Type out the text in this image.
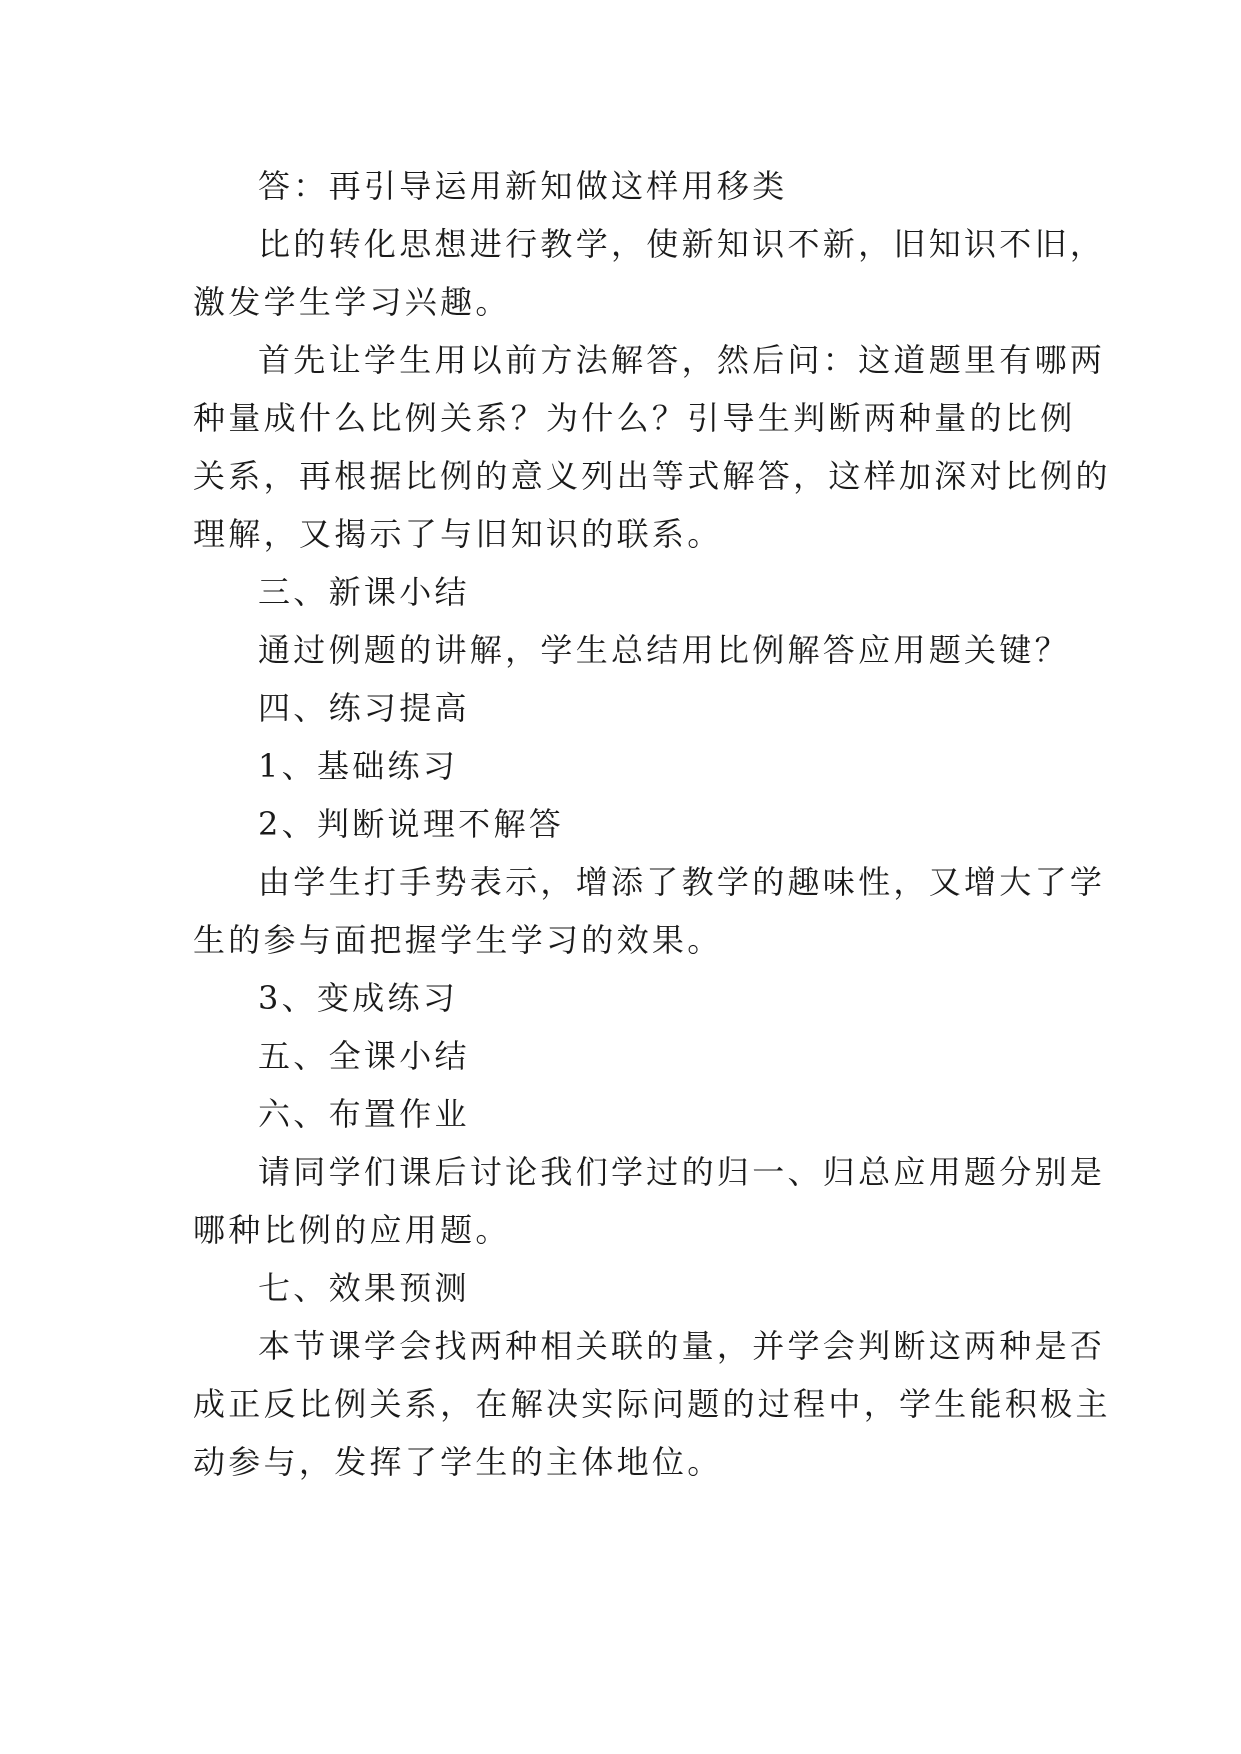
答：再引导运用新知做这样用移类
比的转化思想进行教学，使新知识不新，旧知识不旧，
激发学生学习兴趣。
首先让学生用以前方法解答，然后问：这道题里有哪两
种量成什么比例关系？为什么？引导生判断两种量的比例
关系，再根据比例的意义列出等式解答，这样加深对比例的
理解，又揭示了与旧知识的联系。
三、新课小结
通过例题的讲解，学生总结用比例解答应用题关键？
四、练习提高
1、基础练习
2、判断说理不解答
由学生打手势表示，增添了教学的趣味性，又增大了学
生的参与面把握学生学习的效果。
3、变成练习
五、全课小结
六、布置作业
请同学们课后讨论我们学过的归一、归总应用题分别是
哪种比例的应用题。
七、效果预测
本节课学会找两种相关联的量，并学会判断这两种是否
成正反比例关系，在解决实际问题的过程中，学生能积极主
动参与，发挥了学生的主体地位。
